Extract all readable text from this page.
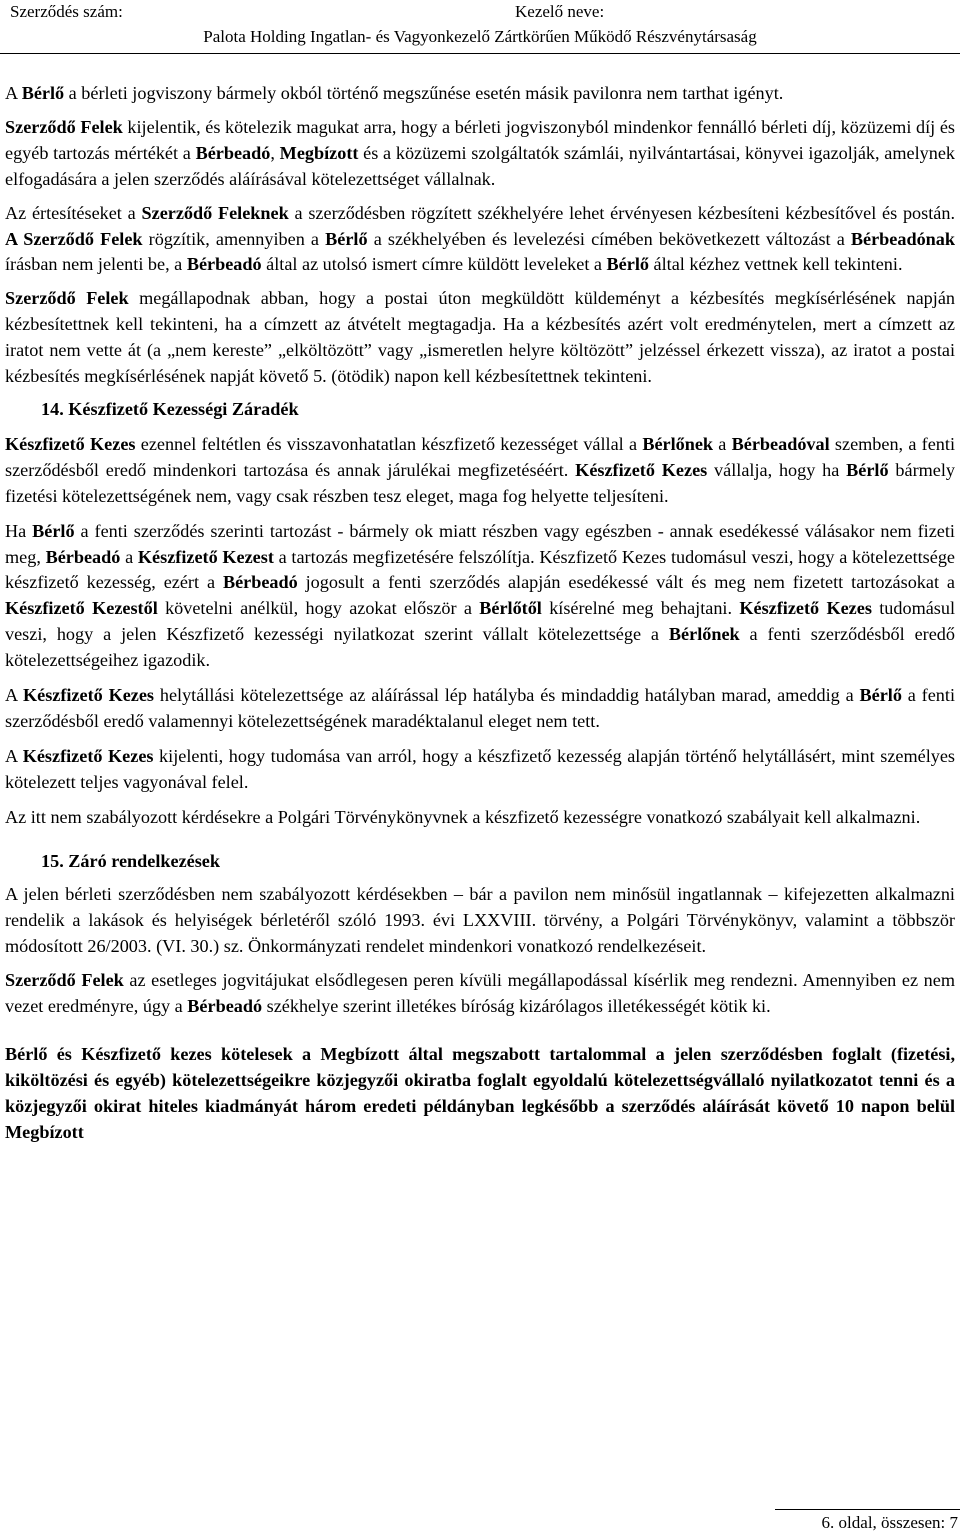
Szerződés szám:	Kezelő neve:
Palota Holding Ingatlan- és Vagyonkezelő Zártkörűen Működő Részvénytársaság

A Bérlő a bérleti jogviszony bármely okból történő megszűnése esetén másik pavilonra nem tarthat igényt.

Szerződő Felek kijelentik, és kötelezik magukat arra, hogy a bérleti jogviszonyból mindenkor fennálló bérleti díj, közüzemi díj és egyéb tartozás mértékét a Bérbeadó, Megbízott és a közüzemi szolgáltatók számlái, nyilvántartásai, könyvei igazolják, amelynek elfogadására a jelen szerződés aláírásával kötelezettséget vállalnak.

Az értesítéseket a Szerződő Feleknek a szerződésben rögzített székhelyére lehet érvényesen kézbesíteni kézbesítővel és postán. A Szerződő Felek rögzítik, amennyiben a Bérlő a székhelyében és levelezési címében bekövetkezett változást a Bérbeadónak írásban nem jelenti be, a Bérbeadó által az utolsó ismert címre küldött leveleket a Bérlő által kézhez vettnek kell tekinteni.

Szerződő Felek megállapodnak abban, hogy a postai úton megküldött küldeményt a kézbesítés megkísérlésének napján kézbesítettnek kell tekinteni, ha a címzett az átvételt megtagadja. Ha a kézbesítés azért volt eredménytelen, mert a címzett az iratot nem vette át (a „nem kereste” „elköltözött” vagy „ismeretlen helyre költözött” jelzéssel érkezett vissza), az iratot a postai kézbesítés megkísérlésének napját követő 5. (ötödik) napon kell kézbesítettnek tekinteni.

14. Készfizető Kezességi Záradék

Készfizető Kezes ezennel feltétlen és visszavonhatatlan készfizető kezességet vállal a Bérlőnek a Bérbeadóval szemben, a fenti szerződésből eredő mindenkori tartozása és annak járulékai megfizetéséért. Készfizető Kezes vállalja, hogy ha Bérlő bármely fizetési kötelezettségének nem, vagy csak részben tesz eleget, maga fog helyette teljesíteni.

Ha Bérlő a fenti szerződés szerinti tartozást - bármely ok miatt részben vagy egészben - annak esedékessé válásakor nem fizeti meg, Bérbeadó a Készfizető Kezest a tartozás megfizetésére felszólítja. Készfizető Kezes tudomásul veszi, hogy a kötelezettsége készfizető kezesség, ezért a Bérbeadó jogosult a fenti szerződés alapján esedékessé vált és meg nem fizetett tartozásokat a Készfizető Kezestől követelni anélkül, hogy azokat először a Bérlőtől kísérelné meg behajtani. Készfizető Kezes tudomásul veszi, hogy a jelen Készfizető kezességi nyilatkozat szerint vállalt kötelezettsége a Bérlőnek a fenti szerződésből eredő kötelezettségeihez igazodik.

A Készfizető Kezes helytállási kötelezettsége az aláírással lép hatályba és mindaddig hatályban marad, ameddig a Bérlő a fenti szerződésből eredő valamennyi kötelezettségének maradéktalanul eleget nem tett.

A Készfizető Kezes kijelenti, hogy tudomása van arról, hogy a készfizető kezesség alapján történő helytállásért, mint személyes kötelezett teljes vagyonával felel.

Az itt nem szabályozott kérdésekre a Polgári Törvénykönyvnek a készfizető kezességre vonatkozó szabályait kell alkalmazni.

15. Záró rendelkezések

A jelen bérleti szerződésben nem szabályozott kérdésekben – bár a pavilon nem minősül ingatlannak – kifejezetten alkalmazni rendelik a lakások és helyiségek bérletéről szóló 1993. évi LXXVIII. törvény, a Polgári Törvénykönyv, valamint a többször módosított 26/2003. (VI. 30.) sz. Önkormányzati rendelet mindenkori vonatkozó rendelkezéseit.

Szerződő Felek az esetleges jogvitájukat elsődlegesen peren kívüli megállapodással kísérlik meg rendezni. Amennyiben ez nem vezet eredményre, úgy a Bérbeadó székhelye szerint illetékes bíróság kizárólagos illetékességét kötik ki.

Bérlő és Készfizető kezes kötelesek a Megbízott által megszabott tartalommal a jelen szerződésben foglalt (fizetési, kiköltözési és egyéb) kötelezettségeikre közjegyzői okiratba foglalt egyoldalú kötelezettségvállaló nyilatkozatot tenni és a közjegyzői okirat hiteles kiadmányát három eredeti példányban legkésőbb a szerződés aláírását követő 10 napon belül Megbízott

6. oldal, összesen: 7
